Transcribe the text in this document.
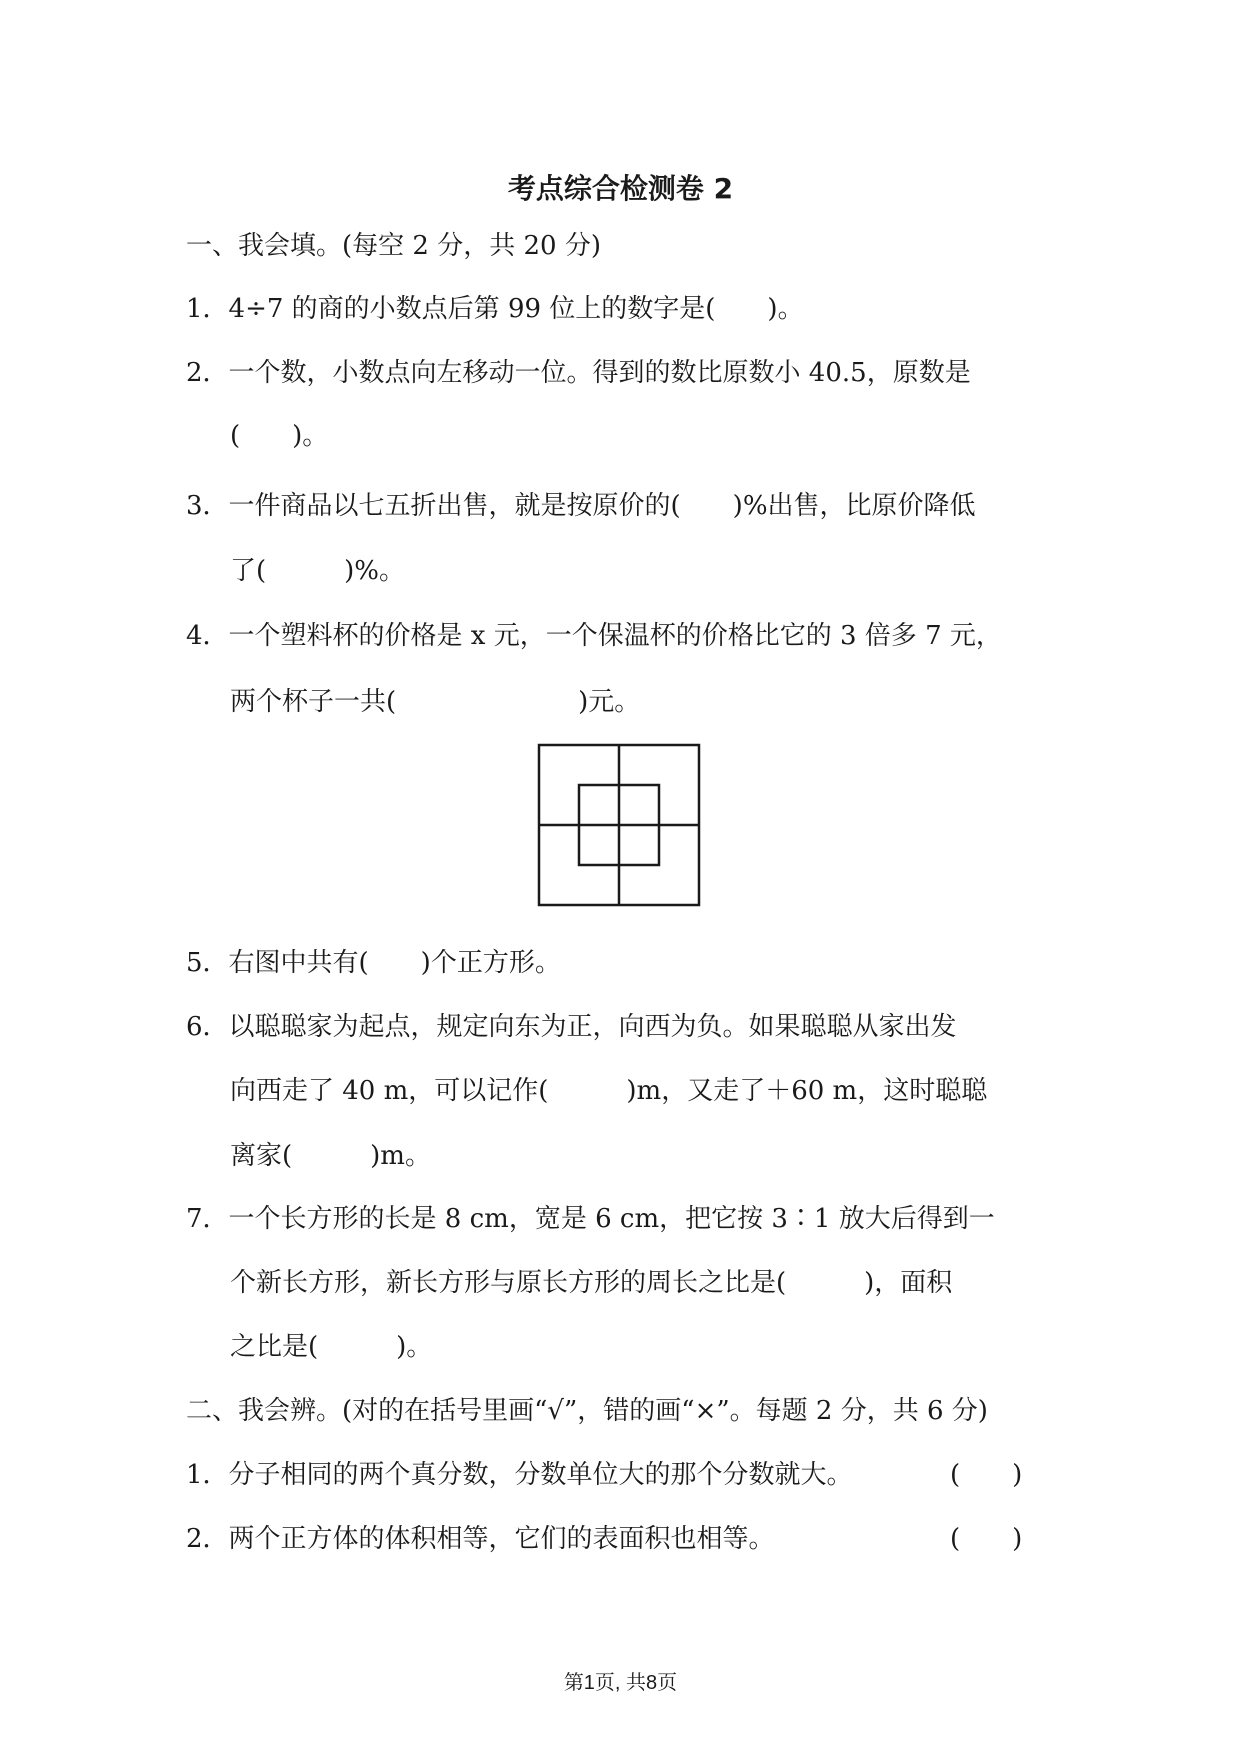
考点综合检测卷 2
一、我会填。(每空 2 分，共 20 分)
1．4÷7 的商的小数点后第 99 位上的数字是(　　)。
2．一个数，小数点向左移动一位。得到的数比原数小 40.5，原数是
(　　)。
3．一件商品以七五折出售，就是按原价的(　　)%出售，比原价降低
了(　　　)%。
4．一个塑料杯的价格是 x 元，一个保温杯的价格比它的 3 倍多 7 元，
两个杯子一共(　　　　　　　)元。
5．右图中共有(　　)个正方形。
6．以聪聪家为起点，规定向东为正，向西为负。如果聪聪从家出发
向西走了 40 m，可以记作(　　　)m，又走了＋60 m，这时聪聪
离家(　　　)m。
7．一个长方形的长是 8 cm，宽是 6 cm，把它按 3∶1 放大后得到一
个新长方形，新长方形与原长方形的周长之比是(　　　)，面积
之比是(　　　)。
二、我会辨。(对的在括号里画“√”，错的画“×”。每题 2 分，共 6 分)
1．分子相同的两个真分数，分数单位大的那个分数就大。	(　　)
2．两个正方体的体积相等，它们的表面积也相等。	(　　)
第1页, 共8页
